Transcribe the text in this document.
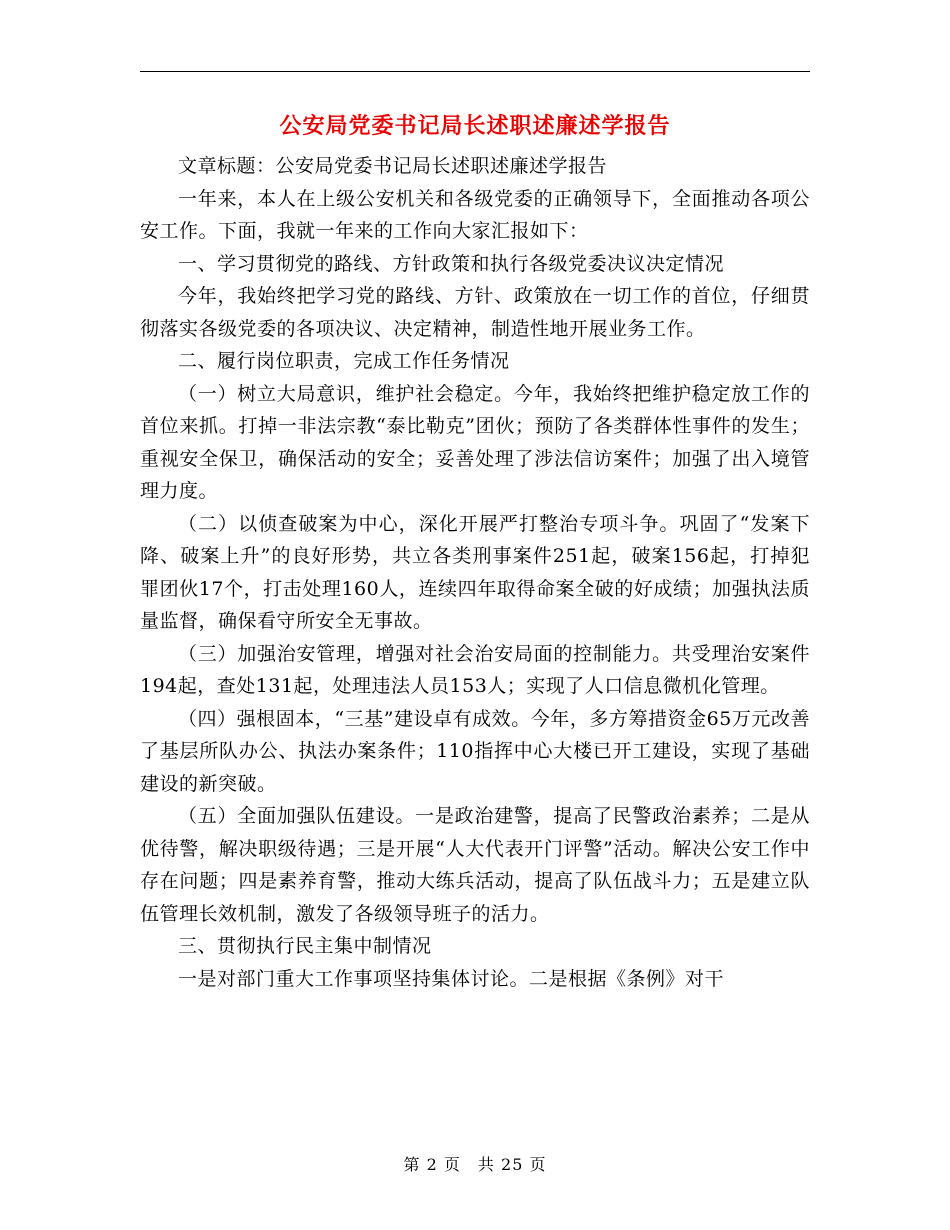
公安局党委书记局长述职述廉述学报告

文章标题：公安局党委书记局长述职述廉述学报告

一年来，本人在上级公安机关和各级党委的正确领导下，全面推动各项公安工作。下面，我就一年来的工作向大家汇报如下：

一、学习贯彻党的路线、方针政策和执行各级党委决议决定情况

今年，我始终把学习党的路线、方针、政策放在一切工作的首位，仔细贯彻落实各级党委的各项决议、决定精神，制造性地开展业务工作。

二、履行岗位职责，完成工作任务情况

（一）树立大局意识，维护社会稳定。今年，我始终把维护稳定放工作的首位来抓。打掉一非法宗教“泰比勒克”团伙；预防了各类群体性事件的发生；重视安全保卫，确保活动的安全；妥善处理了涉法信访案件；加强了出入境管理力度。

（二）以侦查破案为中心，深化开展严打整治专项斗争。巩固了“发案下降、破案上升”的良好形势，共立各类刑事案件251起，破案156起，打掉犯罪团伙17个，打击处理160人，连续四年取得命案全破的好成绩；加强执法质量监督，确保看守所安全无事故。

（三）加强治安管理，增强对社会治安局面的控制能力。共受理治安案件194起，查处131起，处理违法人员153人；实现了人口信息微机化管理。

（四）强根固本，“三基”建设卓有成效。今年，多方筹措资金65万元改善了基层所队办公、执法办案条件；110指挥中心大楼已开工建设，实现了基础建设的新突破。

（五）全面加强队伍建设。一是政治建警，提高了民警政治素养；二是从优待警，解决职级待遇；三是开展“人大代表开门评警”活动。解决公安工作中存在问题；四是素养育警，推动大练兵活动，提高了队伍战斗力；五是建立队伍管理长效机制，激发了各级领导班子的活力。

三、贯彻执行民主集中制情况

一是对部门重大工作事项坚持集体讨论。二是根据《条例》对干

第 2 页　共 25 页
